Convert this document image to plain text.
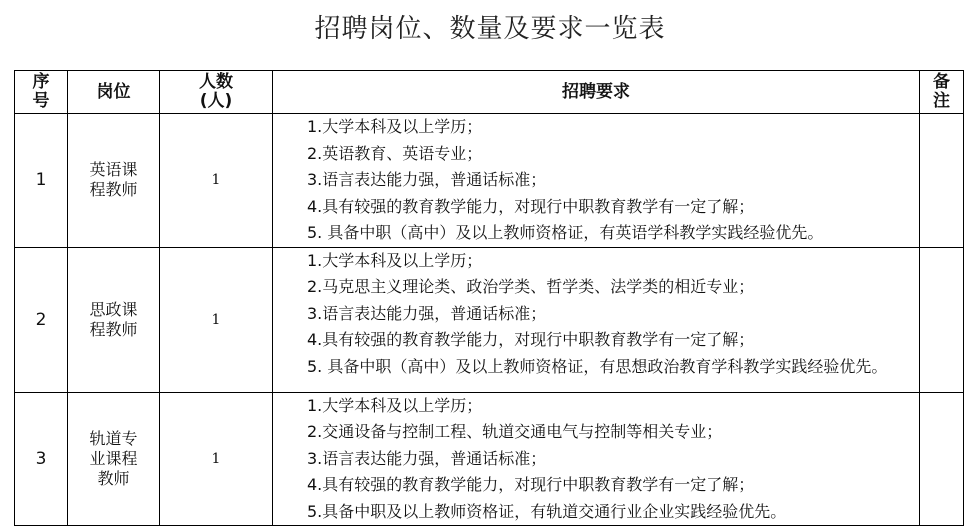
招聘岗位、数量及要求一览表
序号	岗位	人数(人)	招聘要求	备注
1	英语课程教师	1	1.大学本科及以上学历；

2.英语教育、英语专业；

3.语言表达能力强，普通话标准；

4.具有较强的教育教学能力，对现行中职教育教学有一定了解；

5. 具备中职（高中）及以上教师资格证，有英语学科教学实践经验优先。	

2	思政课程教师	1	1.大学本科及以上学历；

2.马克思主义理论类、政治学类、哲学类、法学类的相近专业；

3.语言表达能力强，普通话标准；

4.具有较强的教育教学能力，对现行中职教育教学有一定了解；

5. 具备中职（高中）及以上教师资格证，有思想政治教育学科教学实践经验优先。	

3	轨道专业课程教师	1	1.大学本科及以上学历；

2.交通设备与控制工程、轨道交通电气与控制等相关专业；

3.语言表达能力强，普通话标准；

4.具有较强的教育教学能力，对现行中职教育教学有一定了解；

5.具备中职及以上教师资格证，有轨道交通行业企业实践经验优先。	
